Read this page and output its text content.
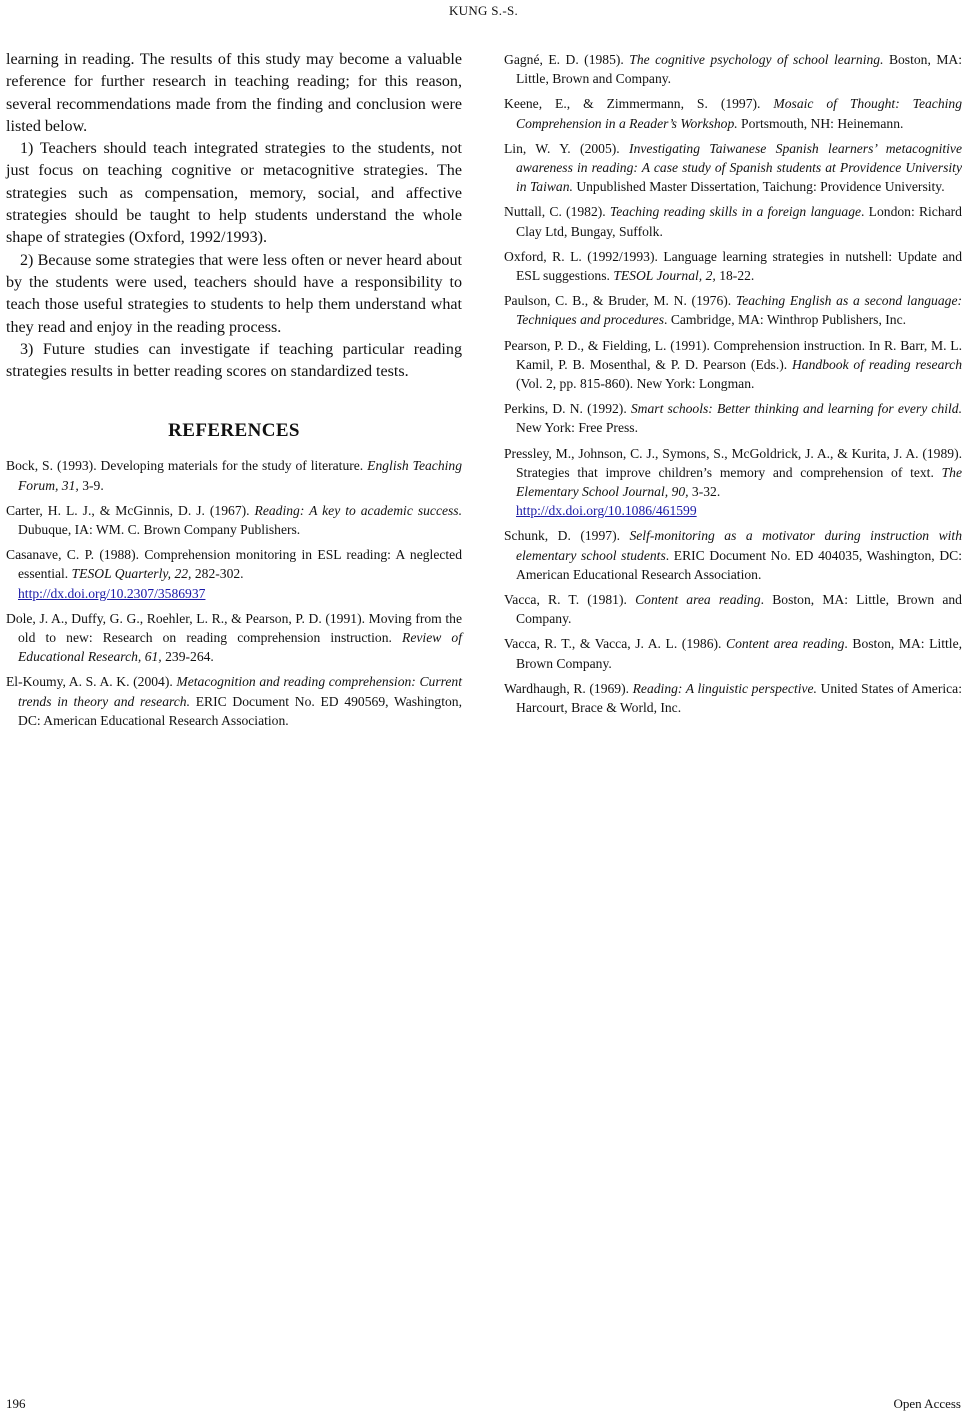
KUNG S.-S.

learning in reading. The results of this study may become a valuable reference for further research in teaching reading; for this reason, several recommendations made from the finding and conclusion were listed below.

1) Teachers should teach integrated strategies to the students, not just focus on teaching cognitive or metacognitive strategies. The strategies such as compensation, memory, social, and affective strategies should be taught to help students understand the whole shape of strategies (Oxford, 1992/1993).

2) Because some strategies that were less often or never heard about by the students were used, teachers should have a responsibility to teach those useful strategies to students to help them understand what they read and enjoy in the reading process.

3) Future studies can investigate if teaching particular reading strategies results in better reading scores on standardized tests.

REFERENCES

Bock, S. (1993). Developing materials for the study of literature. English Teaching Forum, 31, 3-9.

Carter, H. L. J., & McGinnis, D. J. (1967). Reading: A key to academic success. Dubuque, IA: WM. C. Brown Company Publishers.

Casanave, C. P. (1988). Comprehension monitoring in ESL reading: A neglected essential. TESOL Quarterly, 22, 282-302.
http://dx.doi.org/10.2307/3586937

Dole, J. A., Duffy, G. G., Roehler, L. R., & Pearson, P. D. (1991). Moving from the old to new: Research on reading comprehension instruction. Review of Educational Research, 61, 239-264.

El-Koumy, A. S. A. K. (2004). Metacognition and reading comprehension: Current trends in theory and research. ERIC Document No. ED 490569, Washington, DC: American Educational Research Association.

Gagné, E. D. (1985). The cognitive psychology of school learning. Boston, MA: Little, Brown and Company.

Keene, E., & Zimmermann, S. (1997). Mosaic of Thought: Teaching Comprehension in a Reader’s Workshop. Portsmouth, NH: Heinemann.

Lin, W. Y. (2005). Investigating Taiwanese Spanish learners’ metacognitive awareness in reading: A case study of Spanish students at Providence University in Taiwan. Unpublished Master Dissertation, Taichung: Providence University.

Nuttall, C. (1982). Teaching reading skills in a foreign language. London: Richard Clay Ltd, Bungay, Suffolk.

Oxford, R. L. (1992/1993). Language learning strategies in nutshell: Update and ESL suggestions. TESOL Journal, 2, 18-22.

Paulson, C. B., & Bruder, M. N. (1976). Teaching English as a second language: Techniques and procedures. Cambridge, MA: Winthrop Publishers, Inc.

Pearson, P. D., & Fielding, L. (1991). Comprehension instruction. In R. Barr, M. L. Kamil, P. B. Mosenthal, & P. D. Pearson (Eds.). Handbook of reading research (Vol. 2, pp. 815-860). New York: Longman.

Perkins, D. N. (1992). Smart schools: Better thinking and learning for every child. New York: Free Press.

Pressley, M., Johnson, C. J., Symons, S., McGoldrick, J. A., & Kurita, J. A. (1989). Strategies that improve children’s memory and comprehension of text. The Elementary School Journal, 90, 3-32.
http://dx.doi.org/10.1086/461599

Schunk, D. (1997). Self-monitoring as a motivator during instruction with elementary school students. ERIC Document No. ED 404035, Washington, DC: American Educational Research Association.

Vacca, R. T. (1981). Content area reading. Boston, MA: Little, Brown and Company.

Vacca, R. T., & Vacca, J. A. L. (1986). Content area reading. Boston, MA: Little, Brown Company.

Wardhaugh, R. (1969). Reading: A linguistic perspective. United States of America: Harcourt, Brace & World, Inc.

196	Open Access
